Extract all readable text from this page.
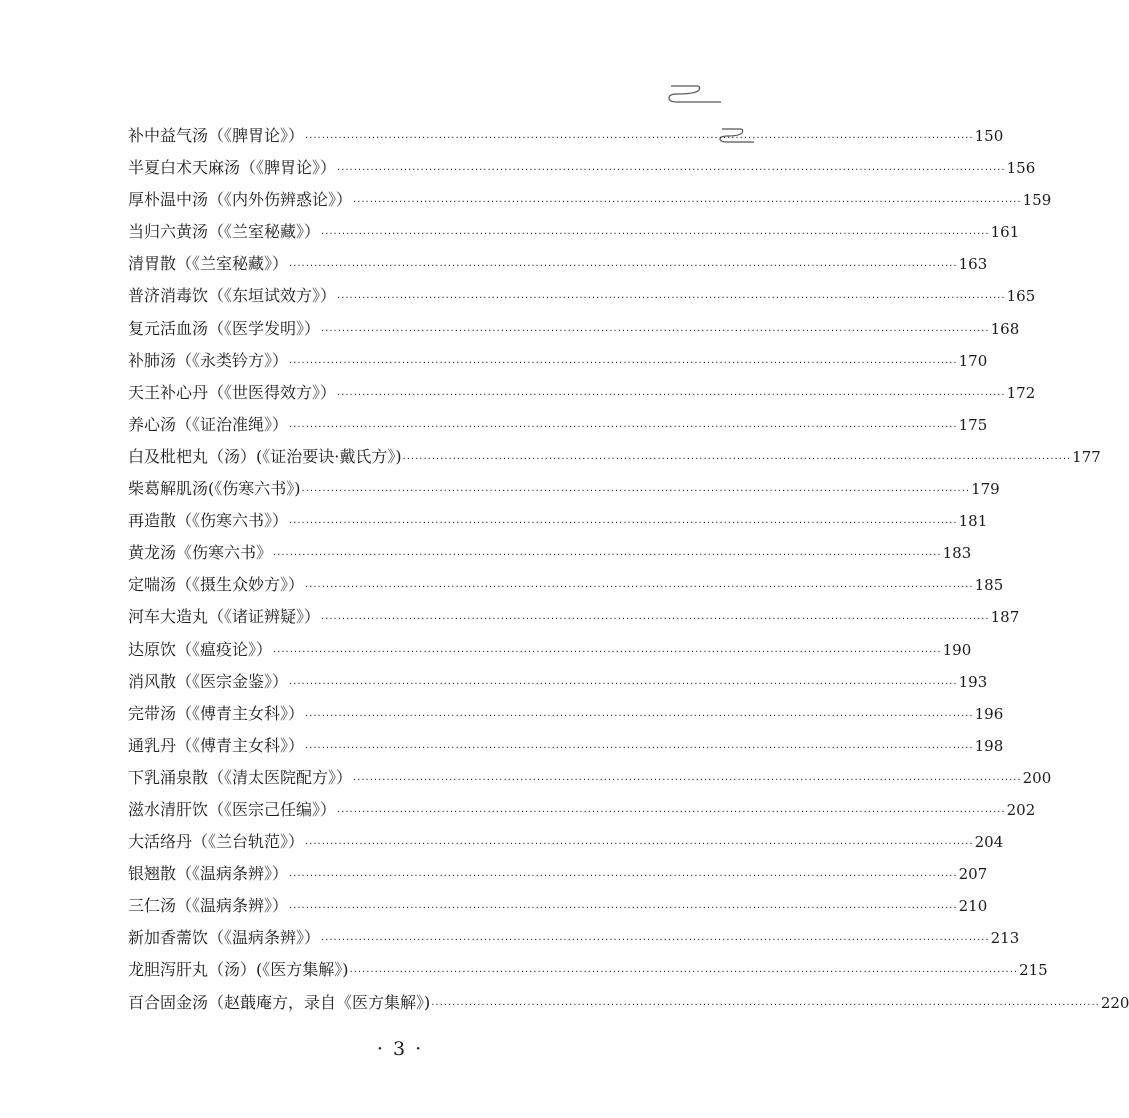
补中益气汤（《脾胃论》） ································································································································································ 150
半夏白术天麻汤（《脾胃论》） ································································································································································ 156
厚朴温中汤（《内外伤辨惑论》） ································································································································································ 159
当归六黄汤（《兰室秘藏》） ································································································································································ 161
清胃散（《兰室秘藏》） ································································································································································ 163
普济消毒饮（《东垣试效方》） ································································································································································ 165
复元活血汤（《医学发明》） ································································································································································ 168
补肺汤（《永类钤方》） ································································································································································ 170
天王补心丹（《世医得效方》） ································································································································································ 172
养心汤（《证治准绳》） ································································································································································ 175
白及枇杷丸（汤）(《证治要诀·戴氏方》) ································································································································································ 177
柴葛解肌汤(《伤寒六书》) ································································································································································ 179
再造散（《伤寒六书》） ································································································································································ 181
黄龙汤《伤寒六书》 ································································································································································ 183
定喘汤（《摄生众妙方》） ································································································································································ 185
河车大造丸（《诸证辨疑》） ································································································································································ 187
达原饮（《瘟疫论》） ································································································································································ 190
消风散（《医宗金鉴》） ································································································································································ 193
完带汤（《傅青主女科》） ································································································································································ 196
通乳丹（《傅青主女科》） ································································································································································ 198
下乳涌泉散（《清太医院配方》） ································································································································································ 200
滋水清肝饮（《医宗己任编》） ································································································································································ 202
大活络丹（《兰台轨范》） ································································································································································ 204
银翘散（《温病条辨》） ································································································································································ 207
三仁汤（《温病条辨》） ································································································································································ 210
新加香薷饮（《温病条辨》） ································································································································································ 213
龙胆泻肝丸（汤）(《医方集解》) ································································································································································ 215
百合固金汤（赵蕺庵方，录自《医方集解》) ································································································································································ 220
· 3 ·
